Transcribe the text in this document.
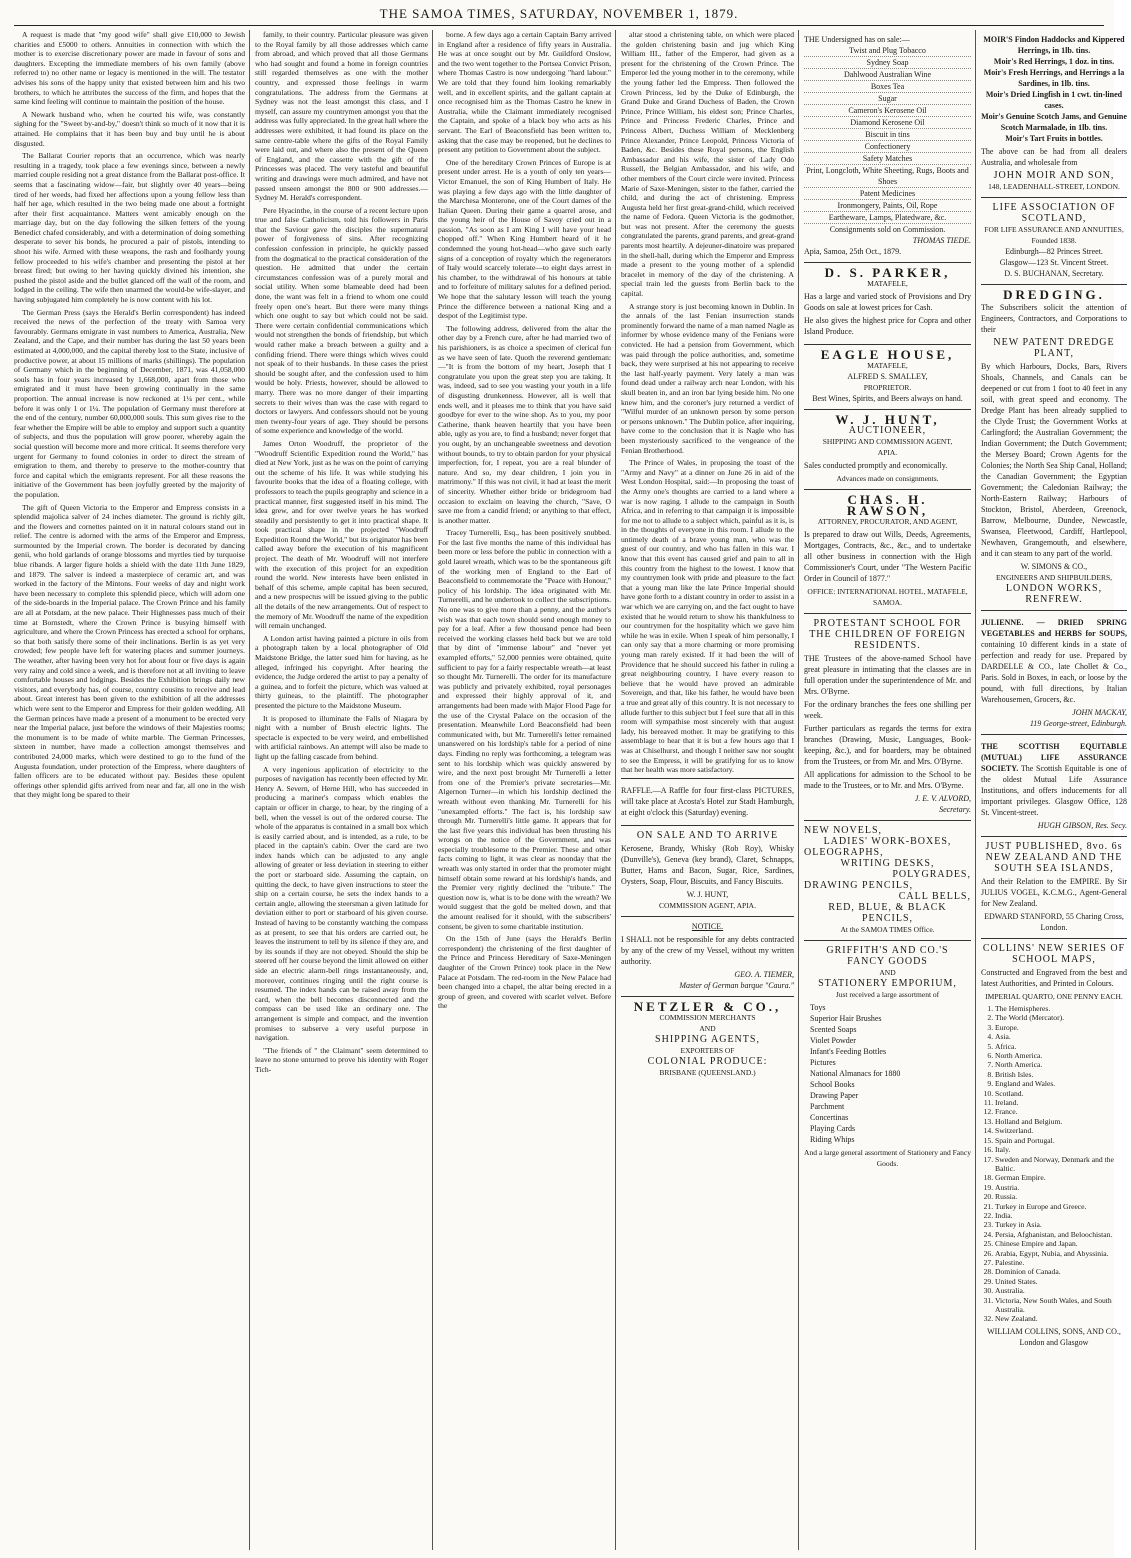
THE SAMOA TIMES, SATURDAY, NOVEMBER 1, 1879.

A request is made that "my good wife" shall give £10,000 to Jewish charities and £5000 to others. Annuities in connection with which the mother is to exercise discretionary power are made in favour of sons and daughters. Excepting the immediate members of his own family (above referred to) no other name or legacy is mentioned in the will. The testator advises his sons of the happy unity that existed between him and his two brothers, to which he attributes the success of the firm, and hopes that the same kind feeling will continue to maintain the position of the house.

A Newark husband who, when he courted his wife, was constantly sighing for the "Sweet by-and-by," doesn't think so much of it now that it is attained. He complains that it has been buy and buy until he is about disgusted.

The Ballarat Courier reports that an occurrence, which was nearly resulting in a tragedy, took place a few evenings since, between a newly married couple residing not a great distance from the Ballarat post-office. It seems that a fascinating widow—fair, but slightly over 40 years—being tired of her weeds, had fixed her affections upon a young fellow less than half her age, which resulted in the two being made one about a fortnight after their first acquaintance. Matters went amicably enough on the marriage day, but on the day following the silken fetters of the young Benedict chafed considerably, and with a determination of doing something desperate to sever his bonds, he procured a pair of pistols, intending to shoot his wife. Armed with these weapons, the rash and foolhardy young fellow proceeded to his wife's chamber and presenting the pistol at her breast fired; but owing to her having quickly divined his intention, she pushed the pistol aside and the bullet glanced off the wall of the room, and lodged in the ceiling. The wife then unarmed the would-be wife-slayer, and having subjugated him completely he is now content with his lot.

The German Press (says the Herald's Berlin correspondent) has indeed received the news of the perfection of the treaty with Samoa very favourably. Germans emigrate in vast numbers to America, Australia, New Zealand, and the Cape, and their number has during the last 50 years been estimated at 4,000,000, and the capital thereby lost to the State, inclusive of productive power, at about 15 millions of marks (shillings). The population of Germany which in the beginning of December, 1871, was 41,058,000 souls has in four years increased by 1,668,000, apart from those who emigrated and it must have been growing continually in the same proportion. The annual increase is now reckoned at 1¼ per cent., while before it was only 1 or 1¼. The population of Germany must therefore at the end of the century, number 60,000,000 souls. This sum gives rise to the fear whether the Empire will be able to employ and support such a quantity of subjects, and thus the population will grow poorer, whereby again the social question will become more and more critical. It seems therefore very urgent for Germany to found colonies in order to direct the stream of emigration to them, and thereby to preserve to the mother-country that force and capital which the emigrants represent. For all these reasons the initiative of the Government has been joyfully greeted by the majority of the population.

The gift of Queen Victoria to the Emperor and Empress consists in a splendid majolica salver of 24 inches diameter. The ground is richly gilt, and the flowers and cornettes painted on it in natural colours stand out in relief. The centre is adorned with the arms of the Emperor and Empress, surmounted by the Imperial crown. The border is decorated by dancing genii, who hold garlands of orange blossoms and myrtles tied by turquoise blue ribands. A larger figure holds a shield with the date 11th June 1829, and 1879. The salver is indeed a masterpiece of ceramic art, and was worked in the factory of the Mintons. Four weeks of day and night work have been necessary to complete this splendid piece, which will adorn one of the side-boards in the Imperial palace. The Crown Prince and his family are all at Potsdam, at the new palace. Their Highnesses pass much of their time at Bornstedt, where the Crown Prince is busying himself with agriculture, and where the Crown Princess has erected a school for orphans, so that both satisfy there some of their inclinations. Berlin is as yet very crowded; few people have left for watering places and summer journeys. The weather, after having been very hot for about four or five days is again very rainy and cold since a week, and is therefore not at all inviting to leave comfortable houses and lodgings. Besides the Exhibition brings daily new visitors, and everybody has, of course, country cousins to receive and lead about. Great interest has been given to the exhibition of all the addresses which were sent to the Emperor and Empress for their golden wedding. All the German princes have made a present of a monument to be erected very near the Imperial palace, just before the windows of their Majesties rooms; the monument is to be made of white marble. The German Princesses, sixteen in number, have made a collection amongst themselves and contributed 24,000 marks, which were destined to go to the fund of the Augusta foundation, under protection of the Empress, where daughters of fallen officers are to be educated without pay. Besides these opulent offerings other splendid gifts arrived from near and far, all one in the wish that they might long be spared to their

family, to their country. Particular pleasure was given to the Royal family by all those addresses which came from abroad, and which proved that all those Germans who had sought and found a home in foreign countries still regarded themselves as one with the mother country, and expressed those feelings in warm congratulations. The address from the Germans at Sydney was not the least amongst this class, and I myself, can assure my countrymen amongst you that the address was fully appreciated. In the great hall where the addresses were exhibited, it had found its place on the same centre-table where the gifts of the Royal Family were laid out, and where also the present of the Queen of England, and the cassette with the gift of the Princesses was placed. The very tasteful and beautiful writing and drawings were much admired, and have not passed unseen amongst the 800 or 900 addresses.—Sydney M. Herald's correspondent.

Pere Hyacinthe, in the course of a recent lecture upon true and false Catholicism, told his followers in Paris that the Saviour gave the disciples the supernatural power of forgiveness of sins. After recognizing confession confession in principle, he quickly passed from the dogmatical to the practical consideration of the question. He admitted that under the certain circumstances confession was of a purely moral and social utility. When some blameable deed had been done, the want was felt in a friend to whom one could freely open one's heart. But there were many things which one ought to say but which could not be said. There were certain confidential communications which would not strengthen the bonds of friendship, but which would rather make a breach between a guilty and a confiding friend. There were things which wives could not speak of to their husbands. In these cases the priest should be sought after, and the confession used to him would be holy. Priests, however, should be allowed to marry. There was no more danger of their imparting secrets to their wives than was the case with regard to doctors or lawyers. And confessors should not be young men twenty-four years of age. They should be persons of some experience and knowledge of the world.

James Orton Woodruff, the proprietor of the "Woodruff Scientific Expedition round the World," has died at New York, just as he was on the point of carrying out the scheme of his life. It was while studying his favourite books that the idea of a floating college, with professors to teach the pupils geography and science in a practical manner, first suggested itself in his mind. The idea grew, and for over twelve years he has worked steadily and persistently to get it into practical shape. It took practical shape in the projected "Woodruff Expedition Round the World," but its originator has been called away before the execution of his magnificent project. The death of Mr. Woodruff will not interfere with the execution of this project for an expedition round the world. New interests have been enlisted in behalf of this scheme, ample capital has been secured, and a new prospectus will be issued giving to the public all the details of the new arrangements. Out of respect to the memory of Mr. Woodruff the name of the expedition will remain unchanged.

A London artist having painted a picture in oils from a photograph taken by a local photographer of Old Maidstone Bridge, the latter sued him for having, as he alleged, infringed his copyright. After hearing the evidence, the Judge ordered the artist to pay a penalty of a guinea, and to forfeit the picture, which was valued at thirty guineas, to the plaintiff. The photographer presented the picture to the Maidstone Museum.

It is proposed to illuminate the Falls of Niagara by night with a number of Brush electric lights. The spectacle is expected to be very weird, and embellished with artificial rainbows. An attempt will also be made to light up the falling cascade from behind.

A very ingenious application of electricity to the purposes of navigation has recently been effected by Mr. Henry A. Severn, of Herne Hill, who has succeeded in producing a mariner's compass which enables the captain or officer in charge, to hear, by the ringing of a bell, when the vessel is out of the ordered course. The whole of the apparatus is contained in a small box which is easily carried about, and is intended, as a rule, to be placed in the captain's cabin. Over the card are two index hands which can be adjusted to any angle allowing of greater or less deviation in steering to either the port or starboard side. Assuming the captain, on quitting the deck, to have given instructions to steer the ship on a certain course, he sets the index hands to a certain angle, allowing the steersman a given latitude for deviation either to port or starboard of his given course. Instead of having to be constantly watching the compass as at present, to see that his orders are carried out, he leaves the instrument to tell by its silence if they are, and by its sounds if they are not obeyed. Should the ship be steered off her course beyond the limit allowed on either side an electric alarm-bell rings instantaneously, and, moreover, continues ringing until the right course is resumed. The index hands can be raised away from the card, when the bell becomes disconnected and the compass can be used like an ordinary one. The arrangement is simple and compact, and the invention promises to subserve a very useful purpose in navigation.

"The friends of " the Claimant" seem determined to leave no stone unturned to prove his identity with Roger Tich-

borne. A few days ago a certain Captain Barry arrived in England after a residence of fifty years in Australia. He was at once sought out by Mr. Guildford Onslow, and the two went together to the Portsea Convict Prison, where Thomas Castro is now undergoing "hard labour." We are told that they found him looking remarkably well, and in excellent spirits, and the gallant captain at once recognised him as the Thomas Castro he knew in Australia, while the Claimant immediately recognised the Captain, and spoke of a black boy who acts as his servant. The Earl of Beaconsfield has been written to, asking that the case may be reopened, but he declines to present any petition to Government about the subject.

One of the hereditary Crown Princes of Europe is at present under arrest. He is a youth of only ten years—Victor Emanuel, the son of King Humbert of Italy. He was playing a few days ago with the little daughter of the Marchesa Monterone, one of the Court dames of the Italian Queen. During their game a quarrel arose, and the young heir of the House of Savoy cried out in a passion, "As soon as I am King I will have your head chopped off." When King Humbert heard of it he condemned the young hot-head—who gave such early signs of a conception of royalty which the regenerators of Italy would scarcely tolerate—to eight days arrest in his chamber, to the withdrawal of his honours at table and to forfeiture of military salutes for a defined period. We hope that the salutary lesson will teach the young Prince the difference between a national King and a despot of the Legitimist type.

The following address, delivered from the altar the other day by a French cure, after he had married two of his parishioners, is as choice a specimen of clerical fun as we have seen of late. Quoth the reverend gentleman:—"It is from the bottom of my heart, Joseph that I congratulate you upon the great step you are taking. It was, indeed, sad to see you wasting your youth in a life of disgusting drunkenness. However, all is well that ends well, and it pleases me to think that you have said goodbye for ever to the wine shop. As to you, my poor Catherine, thank heaven heartily that you have been able, ugly as you are, to find a husband; never forget that you ought, by an unchangeable sweetness and devotion without bounds, to try to obtain pardon for your physical imperfection, for, I repeat, you are a real blunder of nature. And so, my dear children, I join you in matrimony." If this was not civil, it had at least the merit of sincerity. Whether either bride or bridegroom had occasion to exclaim on leaving the church, "Save, O save me from a candid friend; or anything to that effect, is another matter.

Tracey Turnerelli, Esq., has been positively snubbed. For the last five months the name of this individual has been more or less before the public in connection with a gold laurel wreath, which was to be the spontaneous gift of the working men of England to the Earl of Beaconsfield to commemorate the "Peace with Honour," policy of his lordship. The idea originated with Mr. Turnerelli, and he undertook to collect the subscriptions. No one was to give more than a penny, and the author's wish was that each town should send enough money to pay for a leaf. After a few thousand pence had been received the working classes held back but we are told that by dint of "immense labour" and "never yet exampled efforts," 52,000 pennies were obtained, quite sufficient to pay for a fairly respectable wreath—at least so thought Mr. Turnerelli. The order for its manufacture was publicly and privately exhibited, royal personages and expressed their highly approval of it, and arrangements had been made with Major Flood Page for the use of the Crystal Palace on the occasion of the presentation. Meanwhile Lord Beaconsfield had been communicated with, but Mr. Turnerelli's letter remained unanswered on his lordship's table for a period of nine days. Finding no reply was forthcoming, a telegram was sent to his lordship which was quickly answered by wire, and the next post brought Mr Turnerelli a letter from one of the Premier's private secretaries—Mr. Algernon Turner—in which his lordship declined the wreath without even thanking Mr. Turnerelli for his "unexampled efforts." The fact is, his lordship saw through Mr. Turnerelli's little game. It appears that for the last five years this individual has been thrusting his wrongs on the notice of the Government, and was especially troublesome to the Premier. These and other facts coming to light, it was clear as noonday that the wreath was only started in order that the promoter might himself obtain some reward at his lordship's hands, and the Premier very rightly declined the "tribute." The question now is, what is to be done with the wreath? We would suggest that the gold be melted down, and that the amount realised for it should, with the subscribers' consent, be given to some charitable institution.

On the 15th of June (says the Herald's Berlin correspondent) the christening of the first daughter of the Prince and Princess Hereditary of Saxe-Meningen daughter of the Crown Prince) took place in the New Palace at Potsdam. The red-room in the New Palace had been changed into a chapel, the altar being erected in a group of green, and covered with scarlet velvet. Before the

altar stood a christening table, on which were placed the golden christening basin and jug which King William III., father of the Emperor, had given as a present for the christening of the Crown Prince. The Emperor led the young mother in to the ceremony, while the young father led the Empress. Then followed the Crown Princess, led by the Duke of Edinburgh, the Grand Duke and Grand Duchess of Baden, the Crown Prince, Prince William, his eldest son; Prince Charles, Prince and Princess Frederic Charles, Prince and Princess Albert, Duchess William of Mecklenberg Prince Alexander, Prince Leopold, Princess Victoria of Baden, &c. Besides these Royal persons, the English Ambassador and his wife, the sister of Lady Odo Russell, the Belgian Ambassador, and his wife, and other members of the Court circle were invited. Princess Marie of Saxe-Meningen, sister to the father, carried the child, and during the act of christening. Empress Augusta held her first great-grand-child, which received the name of Fedora. Queen Victoria is the godmother, but was not present. After the ceremony the guests congratulated the parents, grand parents, and great-grand parents most heartily. A dejeuner-dinatoire was prepared in the shell-hall, during which the Emperor and Empress made a present to the young mother of a splendid bracelet in memory of the day of the christening. A special train led the guests from Berlin back to the capital.

A strange story is just becoming known in Dublin. In the annals of the last Fenian insurrection stands prominently forward the name of a man named Nagle as informer by whose evidence many of the Fenians were convicted. He had a pension from Government, which was paid through the police authorities, and, sometime back, they were surprised at his not appearing to receive the last half-yearly payment. Very lately a man was found dead under a railway arch near London, with his skull beaten in, and an iron bar lying beside him. No one knew him, and the coroner's jury returned a verdict of "Wilful murder of an unknown person by some person or persons unknown." The Dublin police, after inquiring, have come to the conclusion that it is Nagle who has been mysteriously sacrificed to the vengeance of the Fenian Brotherhood.

The Prince of Wales, in proposing the toast of the "Army and Navy" at a dinner on June 26 in aid of the West London Hospital, said:—In proposing the toast of the Army one's thoughts are carried to a land where a war is now raging. I allude to the campaign in South Africa, and in referring to that campaign it is impossible for me not to allude to a subject which, painful as it is, is in the thoughts of everyone in this room. I allude to the untimely death of a brave young man, who was the guest of our country, and who has fallen in this war. I know that this event has caused grief and pain to all in this country from the highest to the lowest. I know that my countrymen look with pride and pleasure to the fact that a young man like the late Prince Imperial should have gone forth to a distant country in order to assist in a war which we are carrying on, and the fact ought to have existed that he would return to show his thankfulness to our countrymen for the hospitality which we gave him while he was in exile. When I speak of him personally, I can only say that a more charming or more promising young man rarely existed. If it had been the will of Providence that he should succeed his father in ruling a great neighbouring country, I have every reason to believe that he would have proved an admirable Sovereign, and that, like his father, he would have been a true and great ally of this country. It is not necessary to allude further to this subject but I feel sure that all in this room will sympathise most sincerely with that august lady, his bereaved mother. It may be gratifying to this assemblage to hear that it is but a few hours ago that I was at Chiselhurst, and though I neither saw nor sought to see the Empress, it will be gratifying for us to know that her health was more satisfactory.

RAFFLE.—A Raffle for four first-class PICTURES, will take place at Acosta's Hotel zur Stadt Hamburgh, at eight o'clock this (Saturday) evening.

ON SALE AND TO ARRIVE

Kerosene, Brandy, Whisky (Rob Roy), Whisky (Dunville's), Geneva (key brand), Claret, Schnapps, Butter, Hams and Bacon, Sugar, Rice, Sardines, Oysters, Soap, Flour, Biscuits, and Fancy Biscuits.

W. J. HUNT,
COMMISSION AGENT, APIA.
NOTICE.

I SHALL not be responsible for any debts contracted by any of the crew of my Vessel, without my written authority.

GEO. A. TIEMER,
Master of German barque "Caura."
NETZLER & CO.,
COMMISSION MERCHANTS
AND
SHIPPING AGENTS,
EXPORTERS OF
COLONIAL PRODUCE:
BRISBANE (QUEENSLAND.)
THE Undersigned has on sale:—
Twist and Plug Tobacco
Sydney Soap
Dahlwood Australian Wine
Boxes Tea
Sugar
Cameron's Kerosene Oil
Diamond Kerosene Oil
Biscuit in tins
Confectionery
Safety Matches
Print, Longcloth, White Sheeting, Rugs, Boots and Shoes
Patent Medicines
Ironmongery, Paints, Oil, Rope
Eartheware, Lamps, Platedware, &c.
Consignments sold on Commission.
THOMAS TIEDE.
Apia, Samoa, 25th Oct., 1879.
D. S. PARKER,
MATAFELE,

Has a large and varied stock of Provisions and Dry Goods on sale at lowest prices for Cash.

He also gives the highest price for Copra and other Island Produce.

EAGLE HOUSE,
MATAFELE,
ALFRED S. SMALLEY,
PROPRIETOR.
Best Wines, Spirits, and Beers always on hand.
W. J. HUNT,
AUCTIONEER,
SHIPPING AND COMMISSION AGENT,
APIA.

Sales conducted promptly and economically.

Advances made on consignments.
CHAS. H. RAWSON,
ATTORNEY, PROCURATOR, AND AGENT,

Is prepared to draw out Wills, Deeds, Agreements, Mortgages, Contracts, &c., &c., and to undertake all other business in connection with the High Commissioner's Court, under "The Western Pacific Order in Council of 1877."

OFFICE: INTERNATIONAL HOTEL, MATAFELE, SAMOA.
PROTESTANT SCHOOL FOR THE CHILDREN OF FOREIGN RESIDENTS.

THE Trustees of the above-named School have great pleasure in intimating that the classes are in full operation under the superintendence of Mr. and Mrs. O'Byrne.

For the ordinary branches the fees one shilling per week.

Further particulars as regards the terms for extra branches (Drawing, Music, Languages, Book-keeping, &c.), and for boarders, may be obtained from the Trustees, or from Mr. and Mrs. O'Byrne.

All applications for admission to the School to be made to the Trustees, or to Mr. and Mrs. O'Byrne.

J. E. V. ALVORD,
Secretary.
NEW NOVELS,
LADIES' WORK-BOXES,
OLEOGRAPHS,
WRITING DESKS,
POLYGRADES,
DRAWING PENCILS,
CALL BELLS,
RED, BLUE, & BLACK PENCILS,
At the SAMOA TIMES Office.
GRIFFITH'S AND CO.'S
FANCY GOODS
AND
STATIONERY EMPORIUM,
Just received a large assortment of
Toys
Superior Hair Brushes
Scented Soaps
Violet Powder
Infant's Feeding Bottles
Pictures
National Almanacs for 1880
School Books
Drawing Paper
Parchment
Concertinas
Playing Cards
Riding Whips
And a large general assortment of Stationery and Fancy Goods.
MOIR'S Findon Haddocks and Kippered Herrings, in 1lb. tins.
Moir's Red Herrings, 1 doz. in tins.
Moir's Fresh Herrings, and Herrings a la Sardines, in 1lb. tins.
Moir's Dried Lingfish in 1 cwt. tin-lined cases.
Moir's Genuine Scotch Jams, and Genuine Scotch Marmalade, in 1lb. tins.
Moir's Tart Fruits in bottles.

The above can be had from all dealers Australia, and wholesale from

JOHN MOIR AND SON,
148, LEADENHALL-STREET, LONDON.
LIFE ASSOCIATION OF SCOTLAND,
FOR LIFE ASSURANCE AND ANNUITIES, Founded 1838.
Edinburgh—82 Princes Street.
Glasgow—123 St. Vincent Street.
D. S. BUCHANAN, Secretary.
DREDGING.

The Subscribers solicit the attention of Engineers, Contractors, and Corporations to their

NEW PATENT DREDGE PLANT,

By which Harbours, Docks, Bars, Rivers Shoals, Channels, and Canals can be deepened or cut from 1 foot to 40 feet in any soil, with great speed and economy. The Dredge Plant has been already supplied to the Clyde Trust; the Government Works at Carlingford; the Australian Government; the Indian Government; the Dutch Government; the Mersey Board; Crown Agents for the Colonies; the North Sea Ship Canal, Holland; the Canadian Government; the Egyptian Government; the Caledonian Railway; the North-Eastern Railway; Harbours of Stockton, Bristol, Aberdeen, Greenock, Barrow, Melbourne, Dundee, Newcastle, Swansea, Fleetwood, Cardiff, Hartlepool, Newhaven, Grangemouth, and elsewhere, and it can steam to any part of the world.

W. SIMONS & CO.,
ENGINEERS AND SHIPBUILDERS,
LONDON WORKS, RENFREW.

JULIENNE. — DRIED SPRING VEGETABLES and HERBS for SOUPS, containing 10 different kinds in a state of perfection and ready for use. Prepared by DARDELLE & CO., late Chollet & Co., Paris. Sold in Boxes, in each, or loose by the pound, with full directions, by Italian Warehousemen, Grocers, &c.

JOHN MACKAY,
119 George-street, Edinburgh.

THE SCOTTISH EQUITABLE (MUTUAL) LIFE ASSURANCE SOCIETY. The Scottish Equitable is one of the oldest Mutual Life Assurance Institutions, and offers inducements for all important privileges. Glasgow Office, 128 St. Vincent-street.

HUGH GIBSON, Res. Secy.
JUST PUBLISHED, 8vo. 6s
NEW ZEALAND AND THE SOUTH SEA ISLANDS,

And their Relation to the EMPIRE. By Sir JULIUS VOGEL, K.C.M.G., Agent-General for New Zealand.

EDWARD STANFORD, 55 Charing Cross, London.
COLLINS' NEW SERIES OF SCHOOL MAPS,

Constructed and Engraved from the best and latest Authorities, and Printed in Colours.

IMPERIAL QUARTO, ONE PENNY EACH.
1. The Hemispheres.
2. The World (Mercator).
3. Europe.
4. Asia.
5. Africa.
6. North America.
7. North America.
8. British Isles.
9. England and Wales.
10. Scotland.
11. Ireland.
12. France.
13. Holland and Belgium.
14. Switzerland.
15. Spain and Portugal.
16. Italy.
17. Sweden and Norway, Denmark and the Baltic.
18. German Empire.
19. Austria.
20. Russia.
21. Turkey in Europe and Greece.
22. India.
23. Turkey in Asia.
24. Persia, Afghanistan, and Beloochistan.
25. Chinese Empire and Japan.
26. Arabia, Egypt, Nubia, and Abyssinia.
27. Palestine.
28. Dominion of Canada.
29. United States.
30. Australia.
31. Victoria, New South Wales, and South Australia.
32. New Zealand.
WILLIAM COLLINS, SONS, AND CO., London and Glasgow
